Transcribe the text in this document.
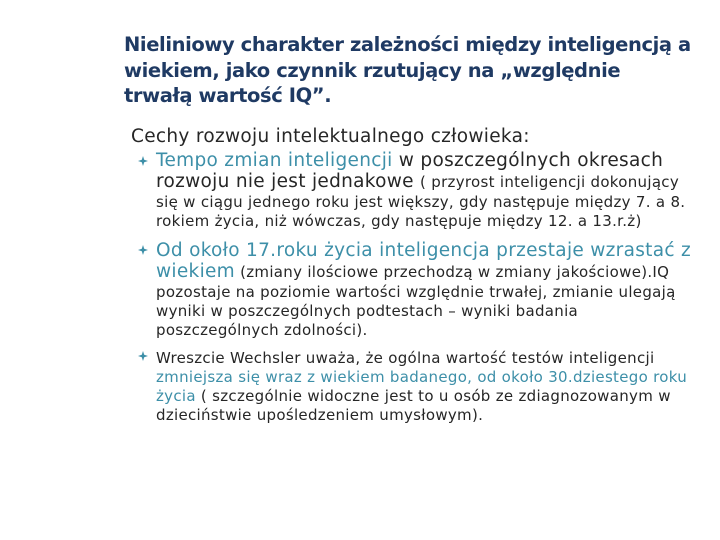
Nieliniowy charakter zależności między inteligencją a wiekiem, jako czynnik rzutujący na „względnie trwałą wartość IQ”.
Cechy rozwoju intelektualnego człowieka:
Tempo zmian inteligencji w poszczególnych okresach rozwoju nie jest jednakowe ( przyrost inteligencji dokonujący się w ciągu jednego roku jest większy, gdy następuje między 7. a 8. rokiem życia, niż wówczas, gdy następuje między 12. a 13.r.ż)
Od około 17.roku życia inteligencja przestaje wzrastać z wiekiem (zmiany ilościowe przechodzą w zmiany jakościowe).IQ pozostaje na poziomie wartości względnie trwałej, zmianie ulegają wyniki w poszczególnych podtestach – wyniki badania poszczególnych zdolności).
Wreszcie Wechsler uważa, że ogólna wartość testów inteligencji zmniejsza się wraz z wiekiem badanego, od około 30.dziestego roku życia ( szczególnie widoczne jest to u osób ze zdiagnozowanym w dzieciństwie upośledzeniem umysłowym).
